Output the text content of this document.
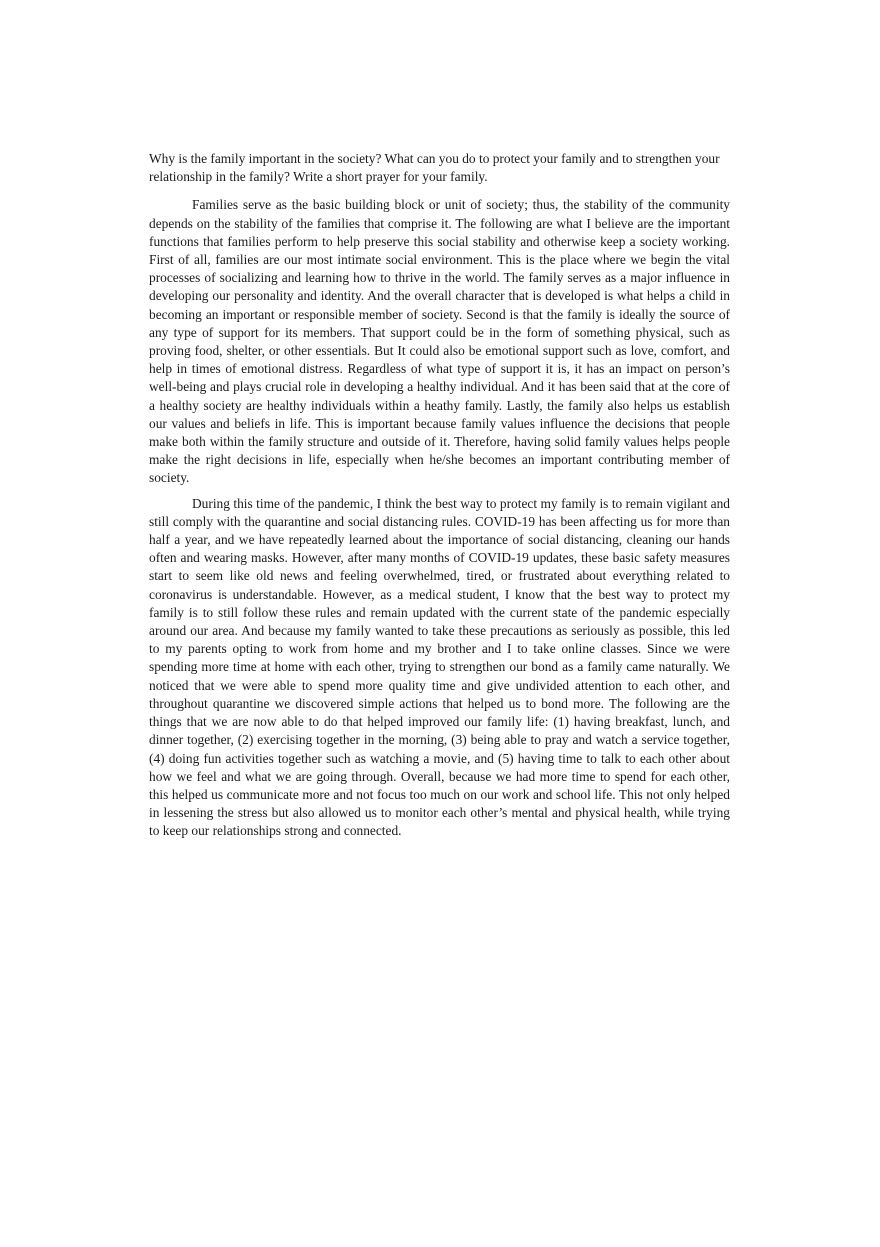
Why is the family important in the society? What can you do to protect your family and to strengthen your relationship in the family? Write a short prayer for your family.

Families serve as the basic building block or unit of society; thus, the stability of the community depends on the stability of the families that comprise it. The following are what I believe are the important functions that families perform to help preserve this social stability and otherwise keep a society working. First of all, families are our most intimate social environment. This is the place where we begin the vital processes of socializing and learning how to thrive in the world. The family serves as a major influence in developing our personality and identity. And the overall character that is developed is what helps a child in becoming an important or responsible member of society. Second is that the family is ideally the source of any type of support for its members. That support could be in the form of something physical, such as proving food, shelter, or other essentials. But It could also be emotional support such as love, comfort, and help in times of emotional distress. Regardless of what type of support it is, it has an impact on person’s well-being and plays crucial role in developing a healthy individual. And it has been said that at the core of a healthy society are healthy individuals within a heathy family. Lastly, the family also helps us establish our values and beliefs in life. This is important because family values influence the decisions that people make both within the family structure and outside of it. Therefore, having solid family values helps people make the right decisions in life, especially when he/she becomes an important contributing member of society.

During this time of the pandemic, I think the best way to protect my family is to remain vigilant and still comply with the quarantine and social distancing rules. COVID-19 has been affecting us for more than half a year, and we have repeatedly learned about the importance of social distancing, cleaning our hands often and wearing masks. However, after many months of COVID-19 updates, these basic safety measures start to seem like old news and feeling overwhelmed, tired, or frustrated about everything related to coronavirus is understandable. However, as a medical student, I know that the best way to protect my family is to still follow these rules and remain updated with the current state of the pandemic especially around our area. And because my family wanted to take these precautions as seriously as possible, this led to my parents opting to work from home and my brother and I to take online classes. Since we were spending more time at home with each other, trying to strengthen our bond as a family came naturally. We noticed that we were able to spend more quality time and give undivided attention to each other, and throughout quarantine we discovered simple actions that helped us to bond more. The following are the things that we are now able to do that helped improved our family life: (1) having breakfast, lunch, and dinner together, (2) exercising together in the morning, (3) being able to pray and watch a service together, (4) doing fun activities together such as watching a movie, and (5) having time to talk to each other about how we feel and what we are going through. Overall, because we had more time to spend for each other, this helped us communicate more and not focus too much on our work and school life. This not only helped in lessening the stress but also allowed us to monitor each other’s mental and physical health, while trying to keep our relationships strong and connected.
